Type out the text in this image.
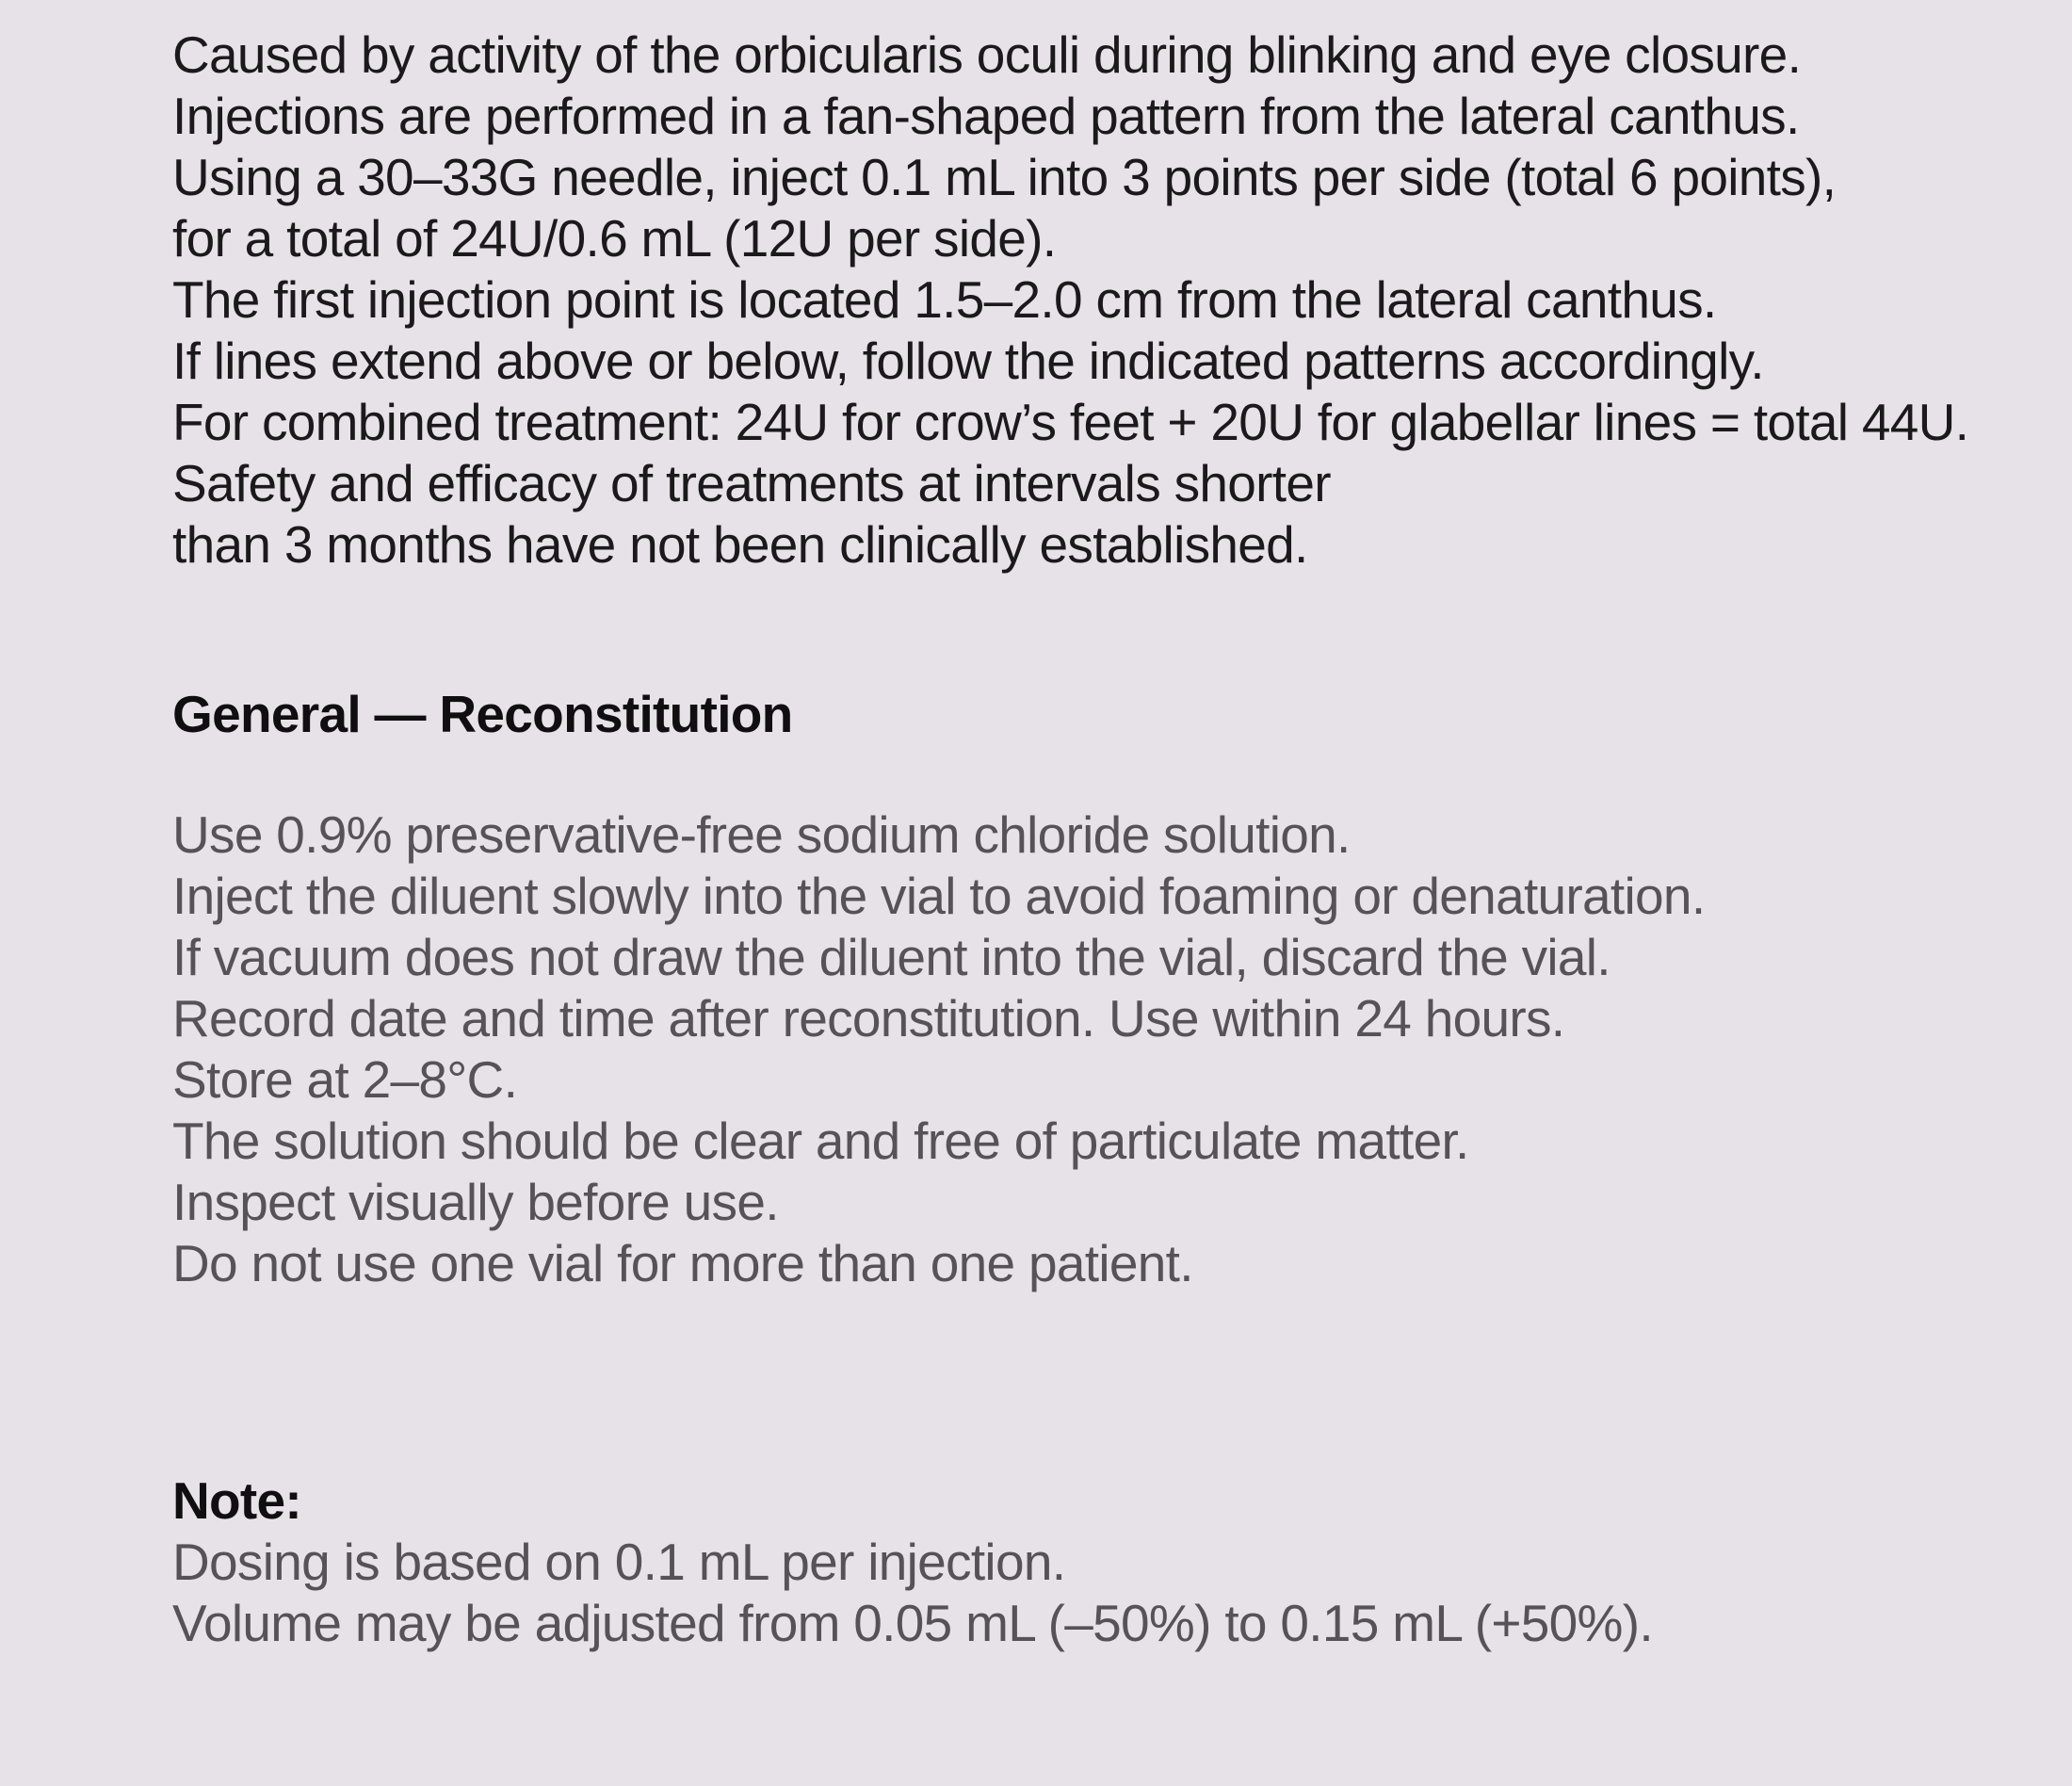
Caused by activity of the orbicularis oculi during blinking and eye closure.
Injections are performed in a fan-shaped pattern from the lateral canthus.
Using a 30–33G needle, inject 0.1 mL into 3 points per side (total 6 points),
for a total of 24U/0.6 mL (12U per side).
The first injection point is located 1.5–2.0 cm from the lateral canthus.
If lines extend above or below, follow the indicated patterns accordingly.
For combined treatment: 24U for crow’s feet + 20U for glabellar lines = total 44U.
Safety and efficacy of treatments at intervals shorter
than 3 months have not been clinically established.
General — Reconstitution
Use 0.9% preservative-free sodium chloride solution.
Inject the diluent slowly into the vial to avoid foaming or denaturation.
If vacuum does not draw the diluent into the vial, discard the vial.
Record date and time after reconstitution. Use within 24 hours.
Store at 2–8°C.
The solution should be clear and free of particulate matter.
Inspect visually before use.
Do not use one vial for more than one patient.
Note:
Dosing is based on 0.1 mL per injection.
Volume may be adjusted from 0.05 mL (–50%) to 0.15 mL (+50%).
